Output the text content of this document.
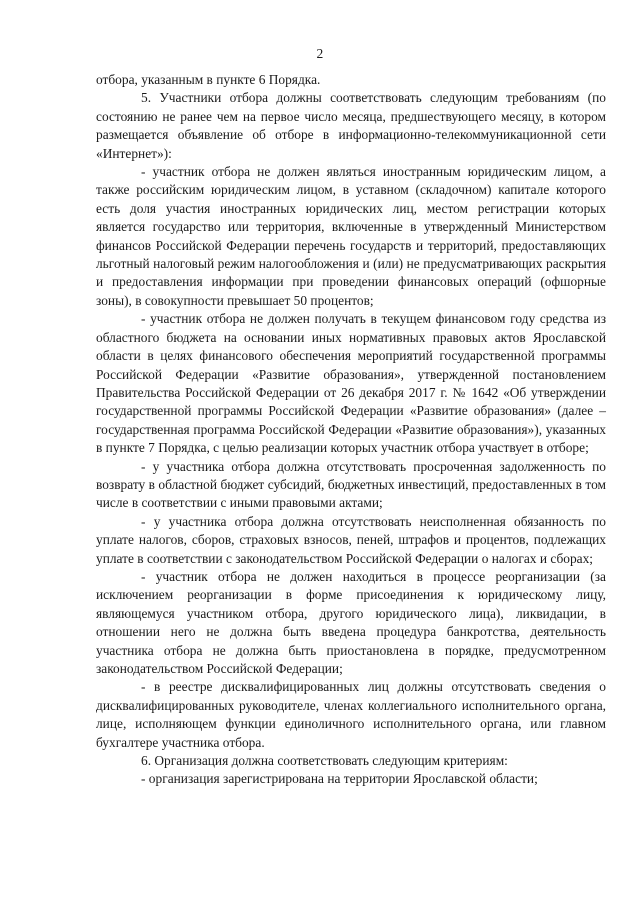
2

отбора, указанным в пункте 6 Порядка.

5. Участники отбора должны соответствовать следующим требованиям (по состоянию не ранее чем на первое число месяца, предшествующего месяцу, в котором размещается объявление об отборе в информационно-телекоммуникационной сети «Интернет»):

- участник отбора не должен являться иностранным юридическим лицом, а также российским юридическим лицом, в уставном (складочном) капитале которого есть доля участия иностранных юридических лиц, местом регистрации которых является государство или территория, включенные в утвержденный Министерством финансов Российской Федерации перечень государств и территорий, предоставляющих льготный налоговый режим налогообложения и (или) не предусматривающих раскрытия и предоставления информации при проведении финансовых операций (офшорные зоны), в совокупности превышает 50 процентов;

- участник отбора не должен получать в текущем финансовом году средства из областного бюджета на основании иных нормативных правовых актов Ярославской области в целях финансового обеспечения мероприятий государственной программы Российской Федерации «Развитие образования», утвержденной постановлением Правительства Российской Федерации от 26 декабря 2017 г. № 1642 «Об утверждении государственной программы Российской Федерации «Развитие образования» (далее – государственная программа Российской Федерации «Развитие образования»), указанных в пункте 7 Порядка, с целью реализации которых участник отбора участвует в отборе;

- у участника отбора должна отсутствовать просроченная задолженность по возврату в областной бюджет субсидий, бюджетных инвестиций, предоставленных в том числе в соответствии с иными правовыми актами;

- у участника отбора должна отсутствовать неисполненная обязанность по уплате налогов, сборов, страховых взносов, пеней, штрафов и процентов, подлежащих уплате в соответствии с законодательством Российской Федерации о налогах и сборах;

- участник отбора не должен находиться в процессе реорганизации (за исключением реорганизации в форме присоединения к юридическому лицу, являющемуся участником отбора, другого юридического лица), ликвидации, в отношении него не должна быть введена процедура банкротства, деятельность участника отбора не должна быть приостановлена в порядке, предусмотренном законодательством Российской Федерации;

- в реестре дисквалифицированных лиц должны отсутствовать сведения о дисквалифицированных руководителе, членах коллегиального исполнительного органа, лице, исполняющем функции единоличного исполнительного органа, или главном бухгалтере участника отбора.

6. Организация должна соответствовать следующим критериям:

- организация зарегистрирована на территории Ярославской области;
